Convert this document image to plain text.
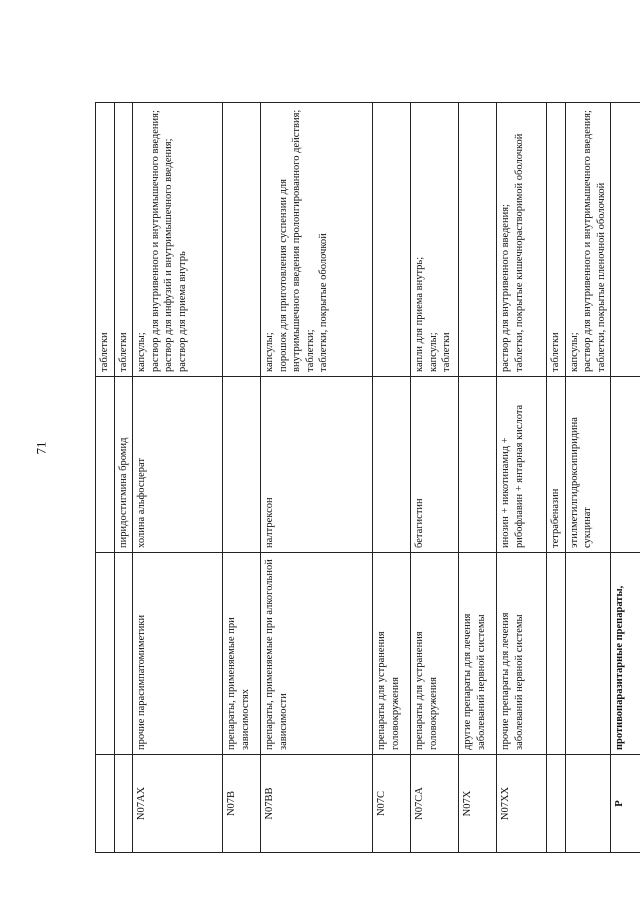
71

			таблетки

		пиридостигмина бромид	таблетки

N07AX	прочие парасимпатомиметики	холина альфосцерат	капсулы; раствор для внутривенного и внутримышечного введения; раствор для инфузий и внутримышечного введения; раствор для приема внутрь

N07B	препараты, применяемые при зависимостях		
N07BB	препараты, применяемые при алкогольной зависимости	налтрексон	капсулы; порошок для приготовления суспензии для внутримышечного введения пролонгированного действия; таблетки; таблетки, покрытые оболочкой

N07C	препараты для устранения головокружения		
N07CA	препараты для устранения головокружения	бетагистин	капли для приема внутрь; капсулы; таблетки

N07X	другие препараты для лечения заболеваний нервной системы		
N07XX	прочие препараты для лечения заболеваний нервной системы	инозин + никотинамид + рибофлавин + янтарная кислота	раствор для внутривенного введения; таблетки, покрытые кишечнорастворимой оболочкой

		тетрабеназин	таблетки

		этилметилгидроксипиридина сукцинат	капсулы; раствор для внутривенного и внутримышечного введения; таблетки, покрытые пленочной оболочкой

P	противопаразитарные препараты,		
